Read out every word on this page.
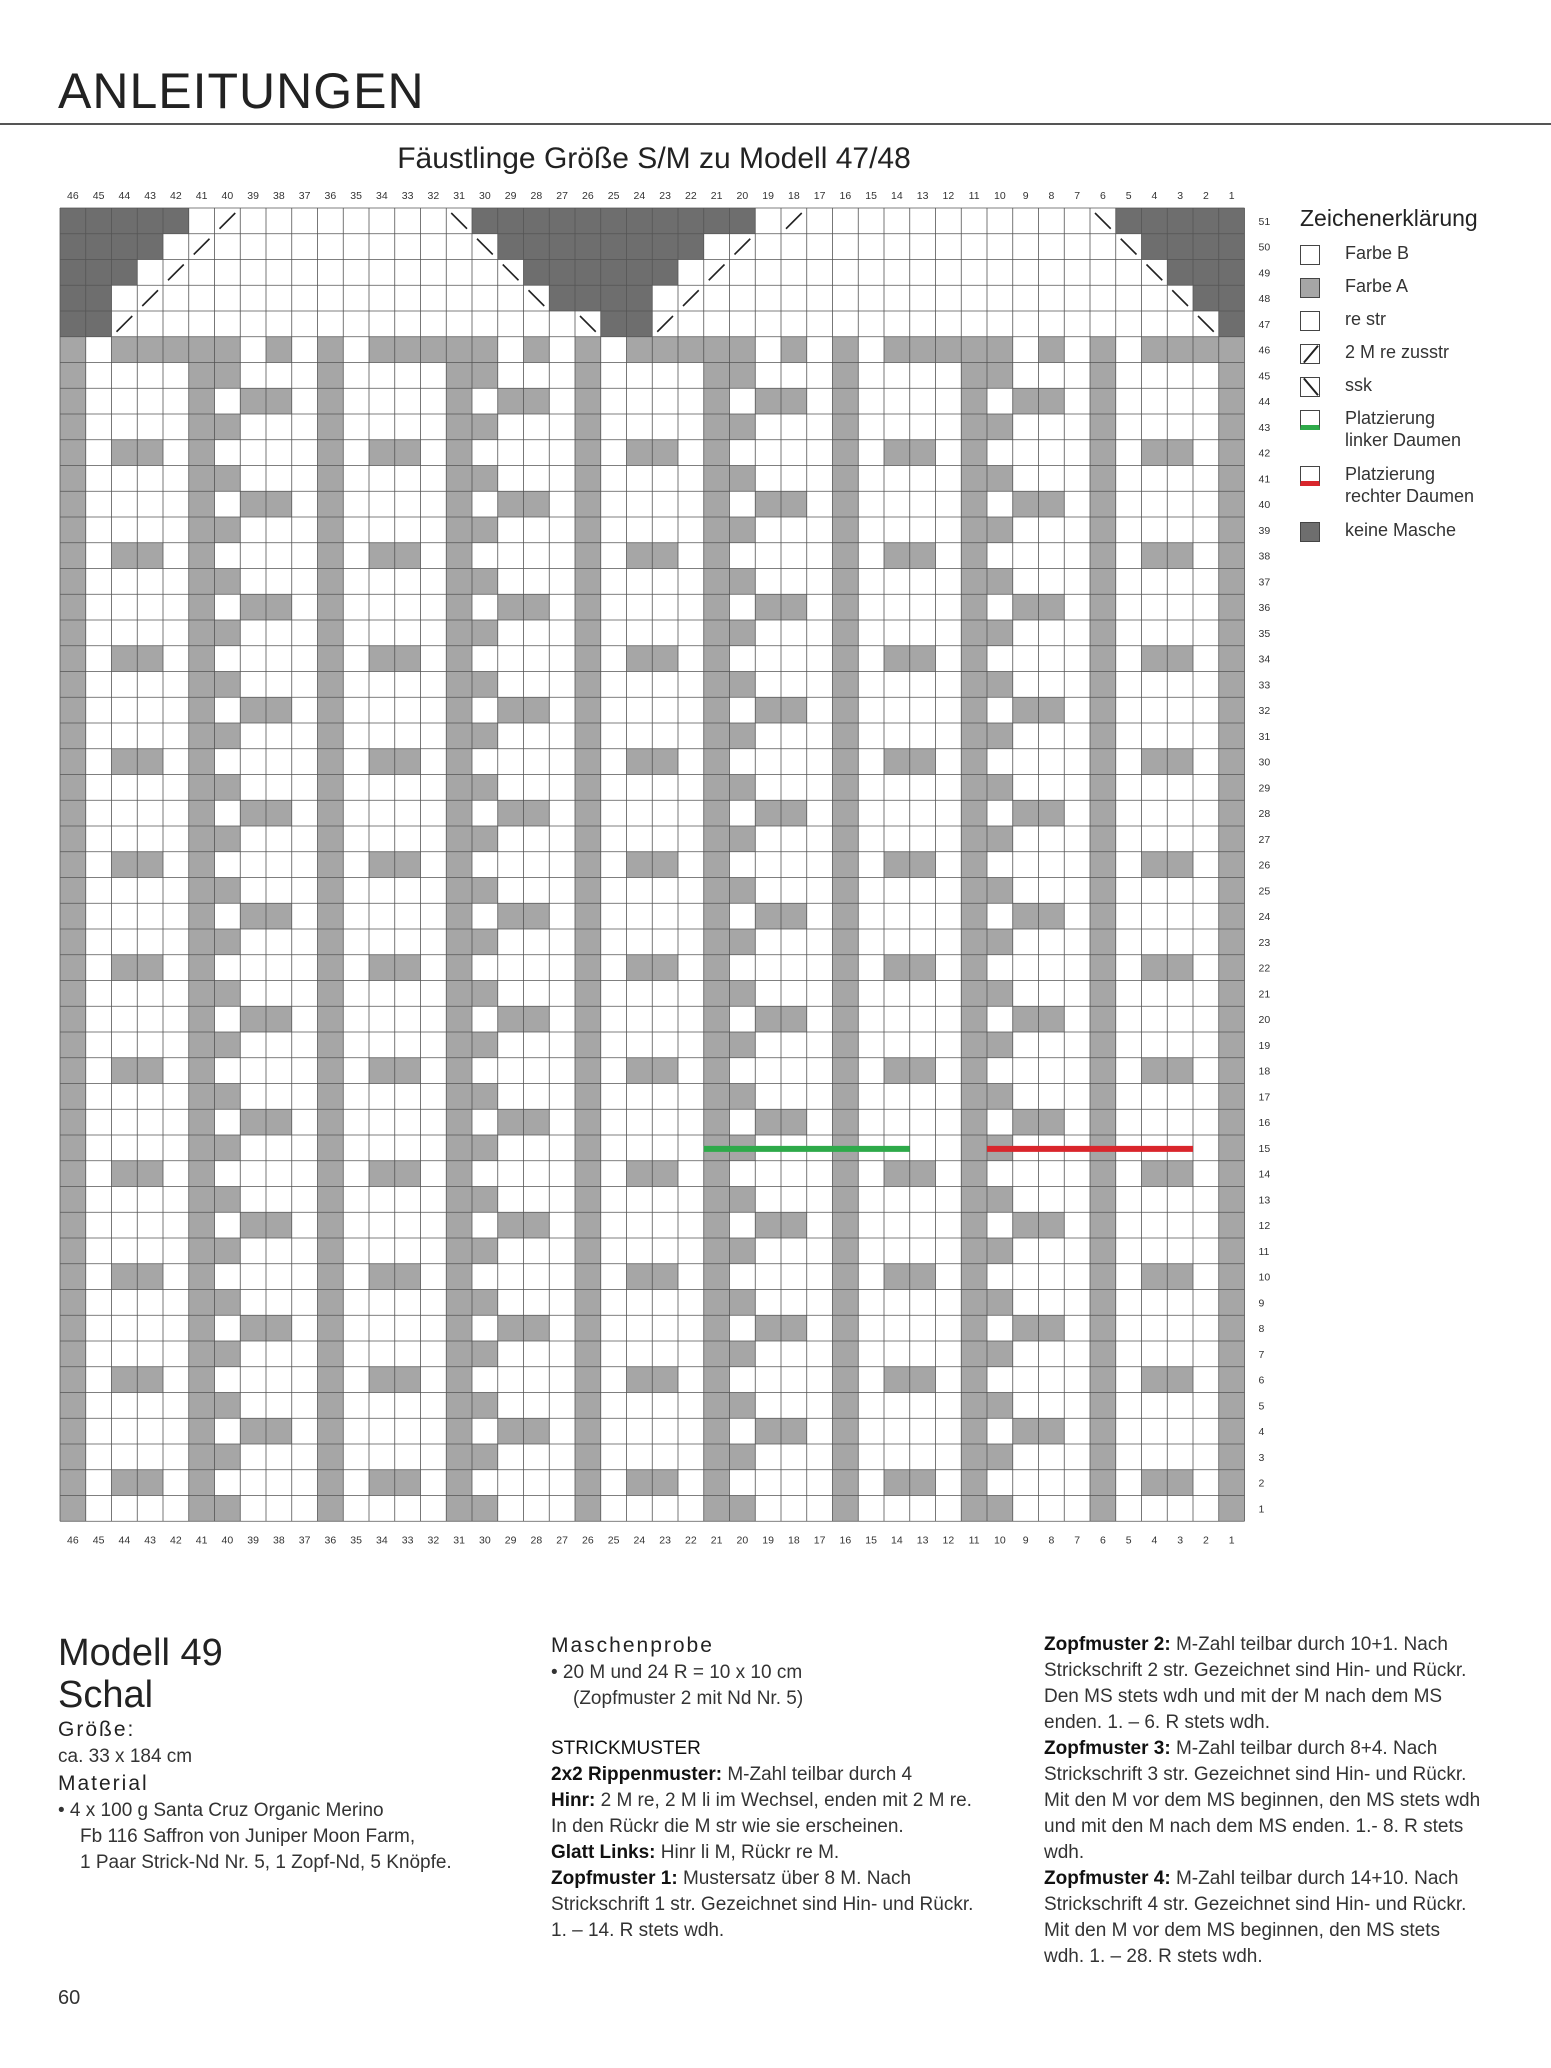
ANLEITUNGEN
Fäustlinge Größe S/M zu Modell 47/48
1
1
2
2
3
3
4
4
5
5
6
6
7
7
8
8
9
9
10
10
11
11
12
12
13
13
14
14
15
15
16
16
17
17
18
18
19
19
20
20
21
21
22
22
23
23
24
24
25
25
26
26
27
27
28
28
29
29
30
30
31
31
32
32
33
33
34
34
35
35
36
36
37
37
38
38
39
39
40
40
41
41
42
42
43
43
44
44
45
45
46
46
1
2
3
4
5
6
7
8
9
10
11
12
13
14
15
16
17
18
19
20
21
22
23
24
25
26
27
28
29
30
31
32
33
34
35
36
37
38
39
40
41
42
43
44
45
46
47
48
49
50
51 Zeichenerklärung
Farbe B
Farbe A
re str
2 M re zusstr
ssk
Platzierung
linker Daumen
Platzierung
rechter Daumen
keine Masche

Modell 49

Schal

Größe:

ca. 33 x 184 cm

Material

• 4 x 100 g Santa Cruz Organic Merino

Fb 116 Saffron von Juniper Moon Farm,

1 Paar Strick-Nd Nr. 5, 1 Zopf-Nd, 5 Knöpfe.

Maschenprobe

• 20 M und 24 R = 10 x 10 cm

(Zopfmuster 2 mit Nd Nr. 5)

STRICKMUSTER

2x2 Rippenmuster: M-Zahl teilbar durch 4

Hinr: 2 M re, 2 M li im Wechsel, enden mit 2 M re. In den Rückr die M str wie sie erscheinen.

Glatt Links: Hinr li M, Rückr re M.

Zopfmuster 1: Mustersatz über 8 M. Nach Strickschrift 1 str. Gezeichnet sind Hin- und Rückr. 1. – 14. R stets wdh.

Zopfmuster 2: M-Zahl teilbar durch 10+1. Nach Strickschrift 2 str. Gezeichnet sind Hin- und Rückr. Den MS stets wdh und mit der M nach dem MS enden. 1. – 6. R stets wdh.

Zopfmuster 3: M-Zahl teilbar durch 8+4. Nach Strickschrift 3 str. Gezeichnet sind Hin- und Rückr. Mit den M vor dem MS beginnen, den MS stets wdh und mit den M nach dem MS enden. 1.- 8. R stets wdh.

Zopfmuster 4: M-Zahl teilbar durch 14+10. Nach Strickschrift 4 str. Gezeichnet sind Hin- und Rückr. Mit den M vor dem MS beginnen, den MS stets wdh. 1. – 28. R stets wdh.

60
